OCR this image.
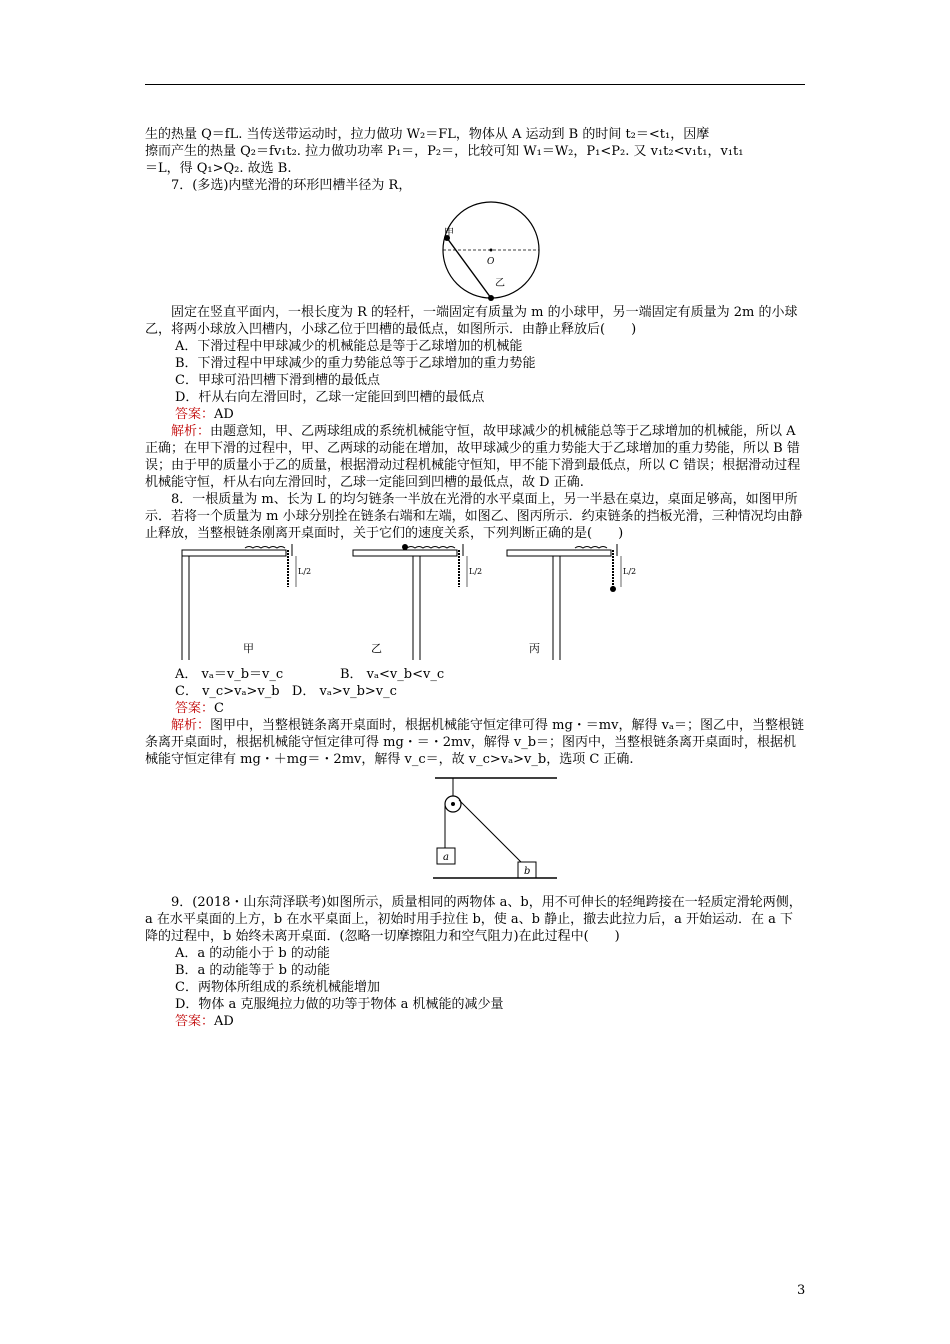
生的热量 Q＝fL. 当传送带运动时，拉力做功 W₂＝FL，物体从 A 运动到 B 的时间 t₂＝<t₁，因摩

擦而产生的热量 Q₂＝fv₁t₂. 拉力做功功率 P₁＝，P₂＝，比较可知 W₁＝W₂，P₁<P₂. 又 v₁t₂<v₁t₁，v₁t₁

＝L，得 Q₁>Q₂. 故选 B.

7．(多选)内壁光滑的环形凹槽半径为 R，

甲
O
乙

固定在竖直平面内，一根长度为 R 的轻杆，一端固定有质量为 m 的小球甲，另一端固定有质量为 2m 的小球乙，将两小球放入凹槽内，小球乙位于凹槽的最低点，如图所示．由静止释放后(　　)

A．下滑过程中甲球减少的机械能总是等于乙球增加的机械能
B．下滑过程中甲球减少的重力势能总等于乙球增加的重力势能
C．甲球可沿凹槽下滑到槽的最低点
D．杆从右向左滑回时，乙球一定能回到凹槽的最低点
答案：AD

解析：由题意知，甲、乙两球组成的系统机械能守恒，故甲球减少的机械能总等于乙球增加的机械能，所以 A 正确；在甲下滑的过程中，甲、乙两球的动能在增加，故甲球减少的重力势能大于乙球增加的重力势能，所以 B 错误；由于甲的质量小于乙的质量，根据滑动过程机械能守恒知，甲不能下滑到最低点，所以 C 错误；根据滑动过程机械能守恒，杆从右向左滑回时，乙球一定能回到凹槽的最低点，故 D 正确.

8．一根质量为 m、长为 L 的均匀链条一半放在光滑的水平桌面上，另一半悬在桌边，桌面足够高，如图甲所示．若将一个质量为 m 小球分别拴在链条右端和左端，如图乙、图丙所示．约束链条的挡板光滑，三种情况均由静止释放，当整根链条刚离开桌面时，关于它们的速度关系，下列判断正确的是(　　)

L/2
甲
L/2
乙
L/2
丙
A． vₐ＝v_b＝v_c	B． vₐ<v_b<v_c
C． v_c>vₐ>v_b
D． vₐ>v_b>v_c
答案：C

解析：图甲中，当整根链条离开桌面时，根据机械能守恒定律可得 mg・＝mv，解得 vₐ＝；图乙中，当整根链条离开桌面时，根据机械能守恒定律可得 mg・＝・2mv，解得 v_b＝；图丙中，当整根链条离开桌面时，根据机械能守恒定律有 mg・＋mg＝・2mv，解得 v_c＝，故 v_c>vₐ>v_b，选项 C 正确.

a
b

9．(2018・山东菏泽联考)如图所示，质量相同的两物体 a、b，用不可伸长的轻绳跨接在一轻质定滑轮两侧，a 在水平桌面的上方，b 在水平桌面上，初始时用手拉住 b，使 a、b 静止，撤去此拉力后，a 开始运动．在 a 下降的过程中，b 始终未离开桌面．(忽略一切摩擦阻力和空气阻力)在此过程中(　　)

A．a 的动能小于 b 的动能
B．a 的动能等于 b 的动能
C．两物体所组成的系统机械能增加
D．物体 a 克服绳拉力做的功等于物体 a 机械能的减少量
答案：AD
3
